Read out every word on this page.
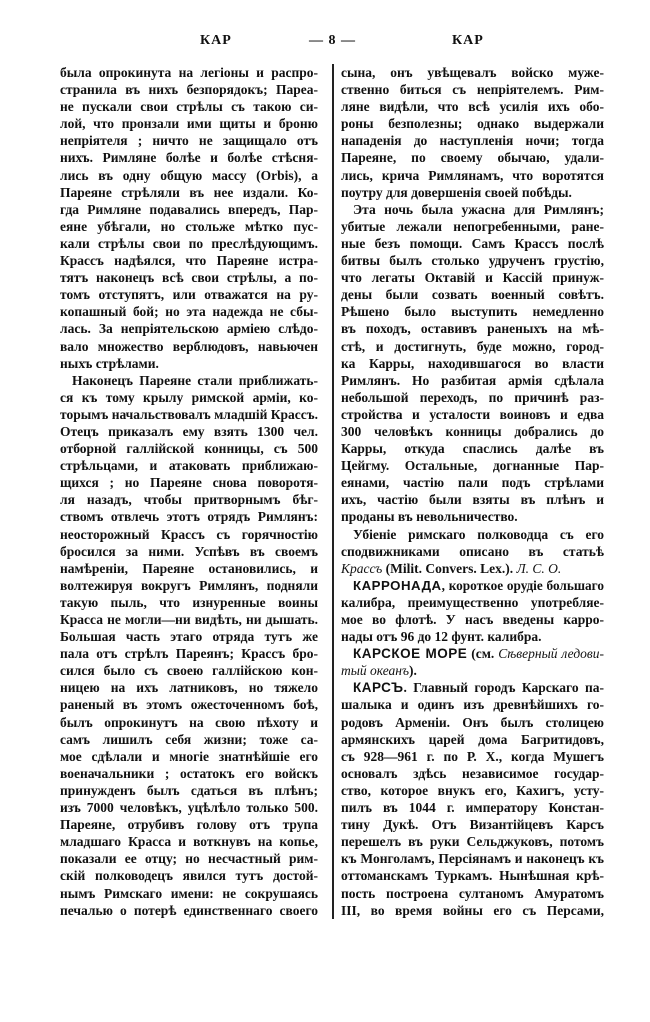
КАР	— 8 —	КАР
была опрокинута на легіоны и распро-
странила въ нихъ безпорядокъ; Пареа-
не пускали свои стрѣлы съ такою си-
лой, что пронзали ими щиты и броню
непріятеля ; ничто не защищало отъ
нихъ. Римляне болѣе и болѣе стѣсня-
лись въ одну общую массу (Orbis), а
Пареяне стрѣляли въ нее издали. Ко-
гда Римляне подавались впередъ, Пар-
еяне убѣгали, но стольже мѣтко пус-
кали стрѣлы свои по преслѣдующимъ.
Крассъ надѣялся, что Пареяне истра-
тятъ наконецъ всѣ свои стрѣлы, а по-
томъ отступятъ, или отважатся на ру-
копашный бой; но эта надежда не сбы-
лась. За непріятельскою арміею слѣдо-
вало множество верблюдовъ, навьючен
ныхъ стрѣлами.
Наконецъ Пареяне стали приближать-
ся къ тому крылу римской арміи, ко-
торымъ начальствовалъ младшій Крассъ.
Отецъ приказалъ ему взять 1300 чел.
отборной галлійской конницы, съ 500
стрѣльцами, и атаковать приближаю-
щихся ; но Пареяне снова поворотя-
ля назадъ, чтобы притворнымъ бѣг-
ствомъ отвлечь этотъ отрядъ Римлянъ:
неосторожный Крассъ съ горячностію
бросился за ними. Успѣвъ въ своемъ
намѣреніи, Пареяне остановились, и
волтежируя вокругъ Римлянъ, подняли
такую пыль, что изнуренные воины
Красса не могли—ни видѣть, ни дышать.
Большая часть этаго отряда тутъ же
пала отъ стрѣлъ Пареянъ; Крассъ бро-
сился было съ своею галлійскою кон-
ницею на ихъ латниковъ, но тяжело
раненый въ этомъ ожесточенномъ боѣ,
былъ опрокинутъ на свою пѣхоту и
самъ лишилъ себя жизни; тоже са-
мое сдѣлали и многіе знатнѣйшіе его
военачальники ; остатокъ его войскъ
принужденъ былъ сдаться въ плѣнъ;
изъ 7000 человѣкъ, уцѣлѣло только 500.
Пареяне, отрубивъ голову отъ трупа
младшаго Красса и воткнувъ на копье,
показали ее отцу; но несчастный рим-
скій полководецъ явился тутъ достой-
нымъ Римскаго имени: не сокрушаясь
печалью о потерѣ единственнаго своего
сына, онъ увѣщевалъ войско муже-
ственно биться съ непріятелемъ. Рим-
ляне видѣли, что всѣ усилія ихъ обо-
роны безполезны; однако выдержали
нападенія до наступленія ночи; тогда
Пареяне, по своему обычаю, удали-
лись, крича Римлянамъ, что воротятся
поутру для довершенія своей побѣды.
Эта ночь была ужасна для Римлянъ;
убитые лежали непогребенными, ране-
ные безъ помощи. Самъ Крассъ послѣ
битвы былъ столько удрученъ грустію,
что легаты Октавій и Кассій принуж-
дены были созвать военный совѣтъ.
Рѣшено было выступить немедленно
въ походъ, оставивъ раненыхъ на мѣ-
стѣ, и достигнуть, буде можно, город-
ка Карры, находившагося во власти
Римлянъ. Но разбитая армія сдѣлала
небольшой переходъ, по причинѣ раз-
стройства и усталости воиновъ и едва
300 человѣкъ конницы добрались до
Карры, откуда спаслись далѣе въ
Цейгму. Остальные, догнанные Пар-
еянами, частію пали подъ стрѣлами
ихъ, частію были взяты въ плѣнъ и
проданы въ невольничество.
Убіеніе римскаго полководца съ его
сподвижниками описано въ статьѣ
Крассъ (Milit. Convers. Lex.). Л. С. О.
КАРРОНАДА, короткое орудіе большаго
калибра, преимущественно употребляе-
мое во флотѣ. У насъ введены карро-
нады отъ 96 до 12 фунт. калибра.
КАРСКОЕ МОРЕ (см. Сѣверный ледови-
тый океанъ).
КАРСЪ. Главный городъ Карскаго па-
шалыка и одинъ изъ древнѣйшихъ го-
родовъ Арменіи. Онъ былъ столицею
армянскихъ царей дома Багритидовъ,
съ 928—961 г. по Р. Х., когда Мушегъ
основалъ здѣсь независимое государ-
ство, которое внукъ его, Кахигъ, усту-
пилъ въ 1044 г. императору Констан-
тину Дукѣ. Отъ Византійцевъ Карсъ
перешелъ въ руки Сельджуковъ, потомъ
къ Монголамъ, Персіянамъ и наконецъ къ
оттоманскамъ Туркамъ. Нынѣшная крѣ-
пость построена султаномъ Амуратомъ
III, во время войны его съ Персами,
